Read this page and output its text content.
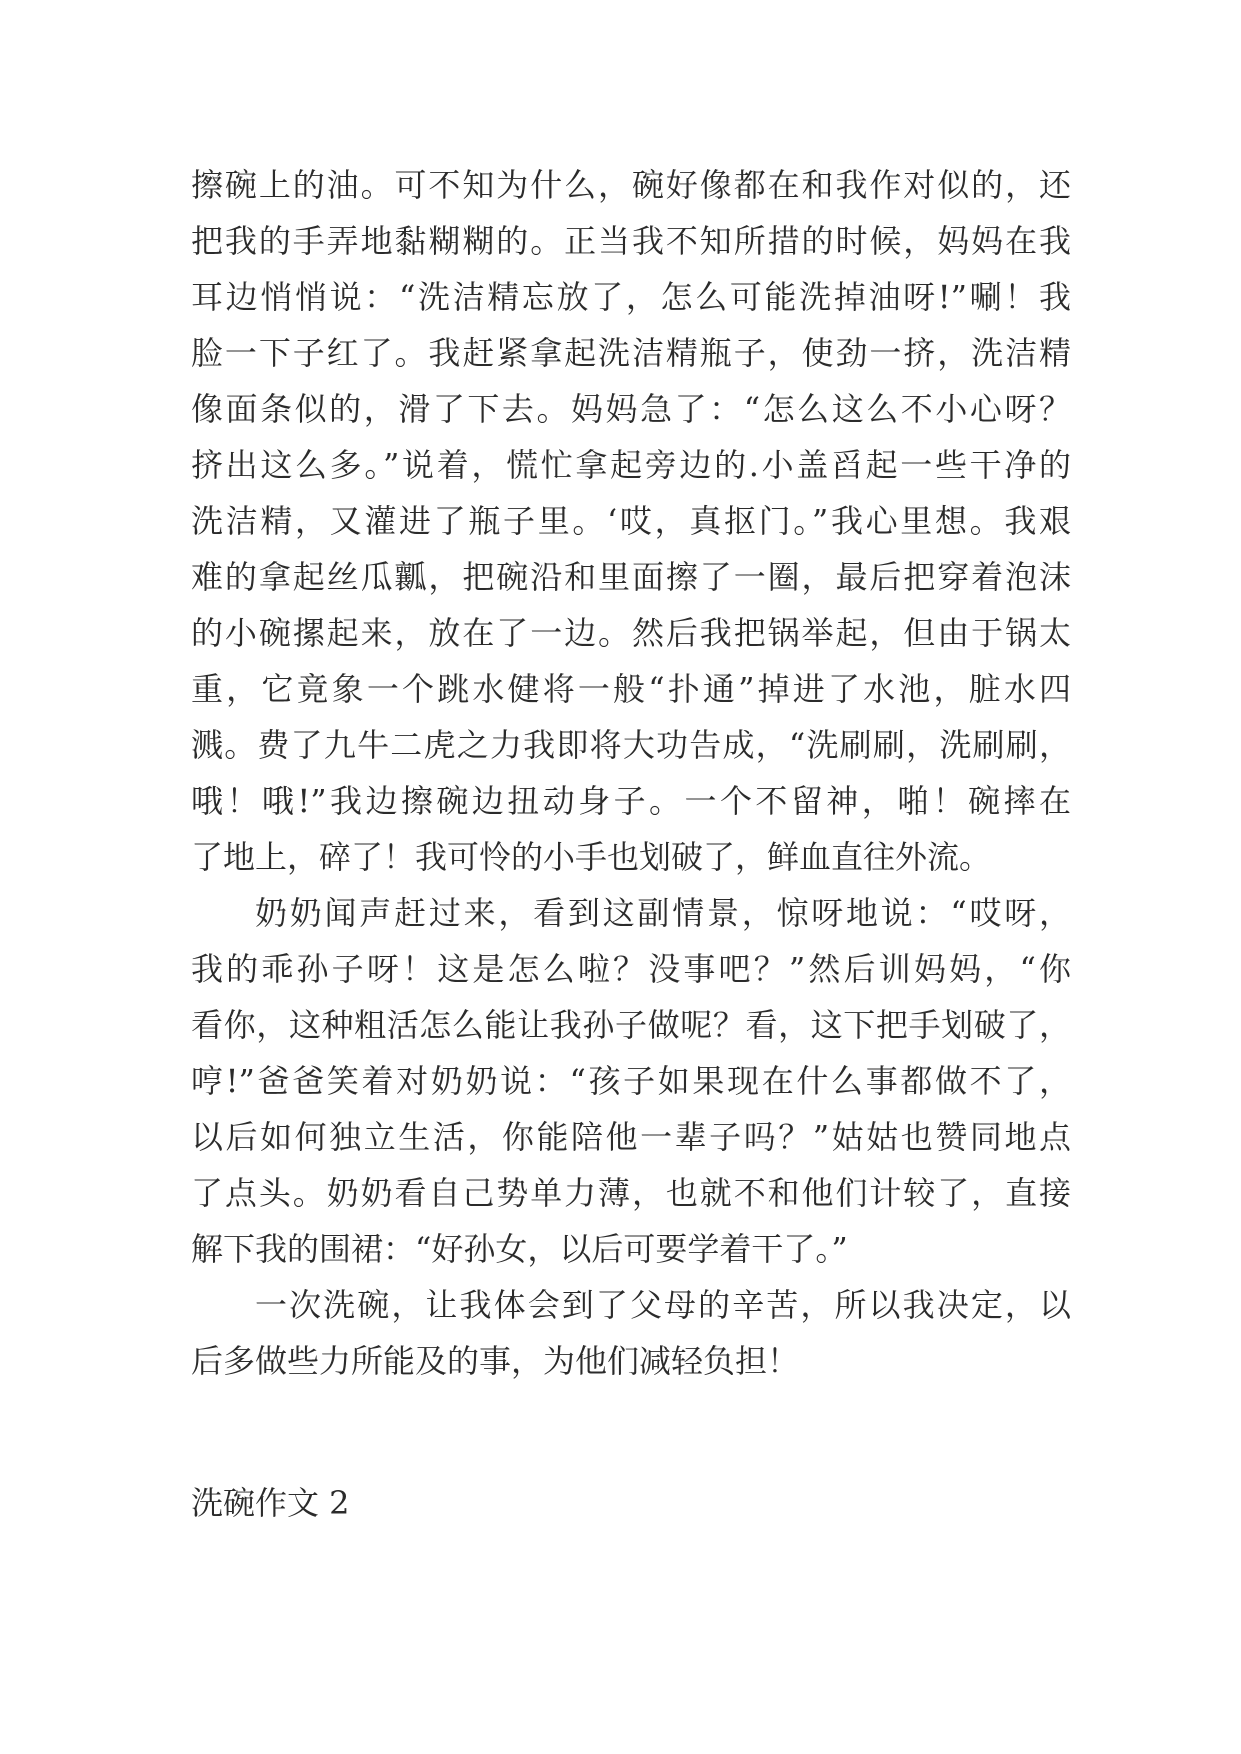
擦碗上的油。可不知为什么，碗好像都在和我作对似的，还
把我的手弄地黏糊糊的。正当我不知所措的时候，妈妈在我
耳边悄悄说：“洗洁精忘放了，怎么可能洗掉油呀!”唰！我
脸一下子红了。我赶紧拿起洗洁精瓶子，使劲一挤，洗洁精
像面条似的，滑了下去。妈妈急了：“怎么这么不小心呀？
挤出这么多。”说着，慌忙拿起旁边的.小盖舀起一些干净的
洗洁精，又灌进了瓶子里。‘哎，真抠门。”我心里想。我艰
难的拿起丝瓜瓤，把碗沿和里面擦了一圈，最后把穿着泡沫
的小碗摞起来，放在了一边。然后我把锅举起，但由于锅太
重，它竟象一个跳水健将一般“扑通”掉进了水池，脏水四
溅。费了九牛二虎之力我即将大功告成，“洗刷刷，洗刷刷，
哦！哦!”我边擦碗边扭动身子。一个不留神，啪！碗摔在
了地上，碎了！我可怜的小手也划破了，鲜血直往外流。
奶奶闻声赶过来，看到这副情景，惊呀地说：“哎呀，
我的乖孙子呀！这是怎么啦？没事吧？”然后训妈妈，“你
看你，这种粗活怎么能让我孙子做呢？看，这下把手划破了，
哼!”爸爸笑着对奶奶说：“孩子如果现在什么事都做不了，
以后如何独立生活，你能陪他一辈子吗？”姑姑也赞同地点
了点头。奶奶看自己势单力薄，也就不和他们计较了，直接
解下我的围裙：“好孙女，以后可要学着干了。”
一次洗碗，让我体会到了父母的辛苦，所以我决定，以
后多做些力所能及的事，为他们减轻负担！
洗碗作文 2
